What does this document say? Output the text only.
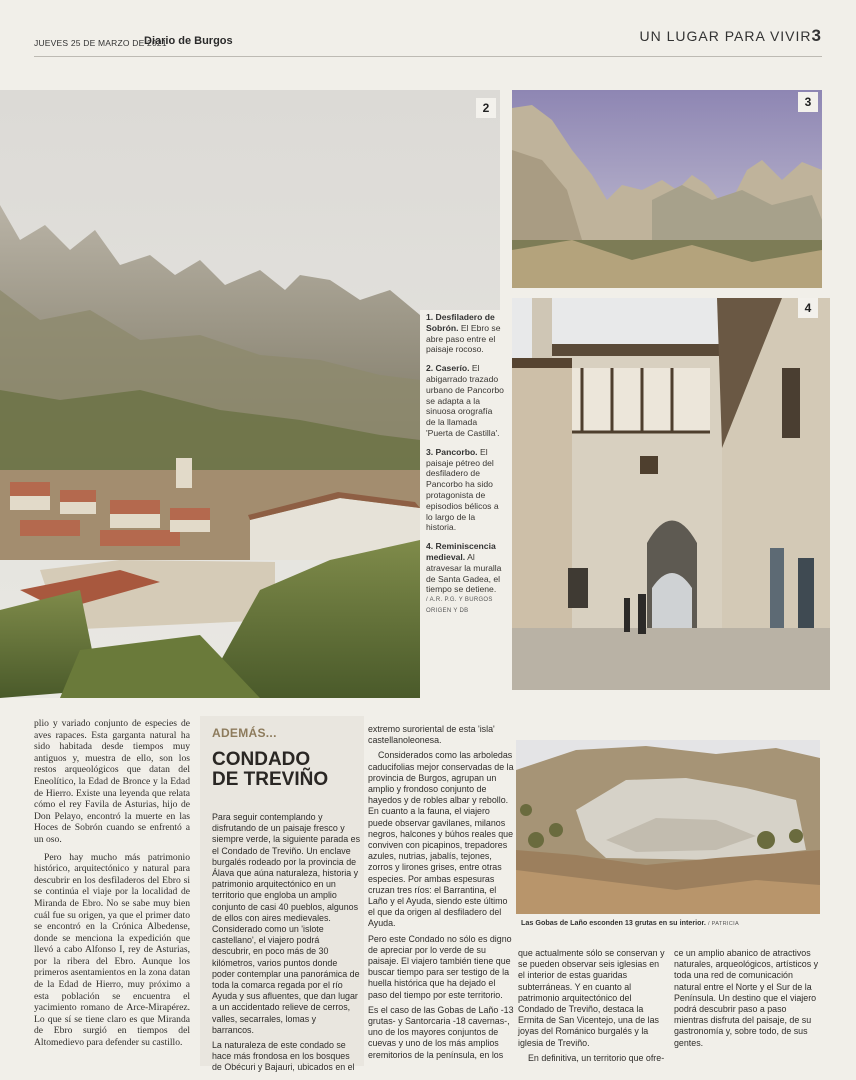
JUEVES 25 DE MARZO DE 2021
Diario de Burgos	UN LUGAR PARA VIVIR3
2	3
4
1. Desfiladero de Sobrón. El Ebro se abre paso entre el paisaje rocoso.
2. Caserío. El abigarrado trazado urbano de Pancorbo se adapta a la sinuosa orografía de la llamada 'Puerta de Castilla'.
3. Pancorbo. El paisaje pétreo del desfiladero de Pancorbo ha sido protagonista de episodios bélicos a lo largo de la historia.
4. Reminiscencia medieval. Al atravesar la muralla de Santa Gadea, el tiempo se detiene.
/ A.R. P.G. Y BURGOS ORIGEN Y DB

plio y variado conjunto de especies de aves rapaces. Esta garganta natural ha sido habitada desde tiempos muy antiguos y, muestra de ello, son los restos arqueológicos que datan del Eneolítico, la Edad de Bronce y la Edad de Hierro. Existe una leyenda que relata cómo el rey Favila de Asturias, hijo de Don Pelayo, encontró la muerte en las Hoces de Sobrón cuando se enfrentó a un oso.

Pero hay mucho más patrimonio histórico, arquitectónico y natural para descubrir en los desfiladeros del Ebro si se continúa el viaje por la localidad de Miranda de Ebro. No se sabe muy bien cuál fue su origen, ya que el primer dato se encontró en la Crónica Albedense, donde se menciona la expedición que llevó a cabo Alfonso I, rey de Asturias, por la ribera del Ebro. Aunque los primeros asentamientos en la zona datan de la Edad de Hierro, muy próximo a esta población se encuentra el yacimiento romano de Arce-Mirapérez. Lo que sí se tiene claro es que Miranda de Ebro surgió en tiempos del Altomedievo para defender su castillo.

ADEMÁS...
CONDADO
DE TREVIÑO

Para seguir contemplando y disfrutando de un paisaje fresco y siempre verde, la siguiente parada es el Condado de Treviño. Un enclave burgalés rodeado por la provincia de Álava que aúna naturaleza, historia y patrimonio arquitectónico en un territorio que engloba un amplio conjunto de casi 40 pueblos, algunos de ellos con aires medievales. Considerado como un 'islote castellano', el viajero podrá descubrir, en poco más de 30 kilómetros, varios puntos donde poder contemplar una panorámica de toda la comarca regada por el río Ayuda y sus afluentes, que dan lugar a un accidentado relieve de cerros, valles, secarrales, lomas y barrancos.

La naturaleza de este condado se hace más frondosa en los bosques de Obécuri y Bajauri, ubicados en el

extremo suroriental de esta 'isla' castellanoleonesa.

Considerados como las arboledas caducifolias mejor conservadas de la provincia de Burgos, agrupan un amplio y frondoso conjunto de hayedos y de robles albar y rebollo. En cuanto a la fauna, el viajero puede observar gavilanes, milanos negros, halcones y búhos reales que conviven con picapinos, trepadores azules, nutrias, jabalís, tejones, zorros y lirones grises, entre otras especies. Por ambas espesuras cruzan tres ríos: el Barrantina, el Laño y el Ayuda, siendo este último el que da origen al desfiladero del Ayuda.

Pero este Condado no sólo es digno de apreciar por lo verde de su paisaje. El viajero también tiene que buscar tiempo para ser testigo de la huella histórica que ha dejado el paso del tiempo por este territorio.

Es el caso de las Gobas de Laño -13 grutas- y Santorcaria -18 cavernas-, uno de los mayores conjuntos de cuevas y uno de los más amplios eremitorios de la península, en los

Las Gobas de Laño esconden 13 grutas en su interior. / PATRICIA

que actualmente sólo se conservan y se pueden observar seis iglesias en el interior de estas guaridas subterráneas. Y en cuanto al patrimonio arquitectónico del Condado de Treviño, destaca la Ermita de San Vicentejo, una de las joyas del Románico burgalés y la iglesia de Treviño.

En definitiva, un territorio que ofre-

ce un amplio abanico de atractivos naturales, arqueológicos, artísticos y toda una red de comunicación natural entre el Norte y el Sur de la Península. Un destino que el viajero podrá descubrir paso a paso mientras disfruta del paisaje, de su gastronomía y, sobre todo, de sus gentes.
